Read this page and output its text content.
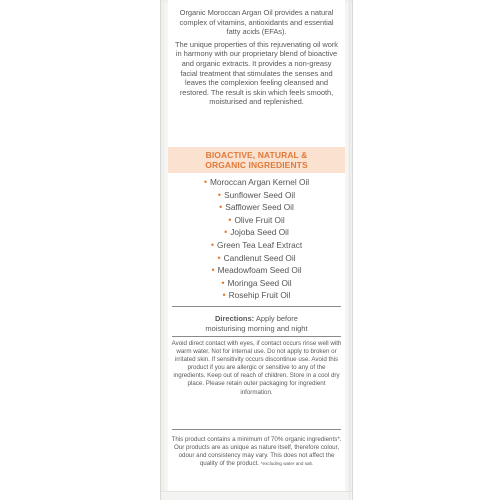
Organic Moroccan Argan Oil provides a natural complex of vitamins, antioxidants and essential fatty acids (EFAs).

The unique properties of this rejuvenating oil work in harmony with our proprietary blend of bioactive and organic extracts. It provides a non-greasy facial treatment that stimulates the senses and leaves the complexion feeling cleansed and restored. The result is skin which feels smooth, moisturised and replenished.

BIOACTIVE, NATURAL &
ORGANIC INGREDIENTS
• Moroccan Argan Kernel Oil
• Sunflower Seed Oil
• Safflower Seed Oil
• Olive Fruit Oil
• Jojoba Seed Oil
• Green Tea Leaf Extract
• Candlenut Seed Oil
• Meadowfoam Seed Oil
• Moringa Seed Oil
• Rosehip Fruit Oil
Directions: Apply before
moisturising morning and night
Avoid direct contact with eyes, if contact occurs rinse well with warm water. Not for internal use. Do not apply to broken or irritated skin. If sensitivity occurs discontinue use. Avoid this product if you are allergic or sensitive to any of the ingredients. Keep out of reach of children. Store in a cool dry place. Please retain outer packaging for ingredient information.
This product contains a minimum of 70% organic ingredients*. Our products are as unique as nature itself, therefore colour, odour and consistency may vary. This does not affect the quality of the product. *excluding water and salt.
